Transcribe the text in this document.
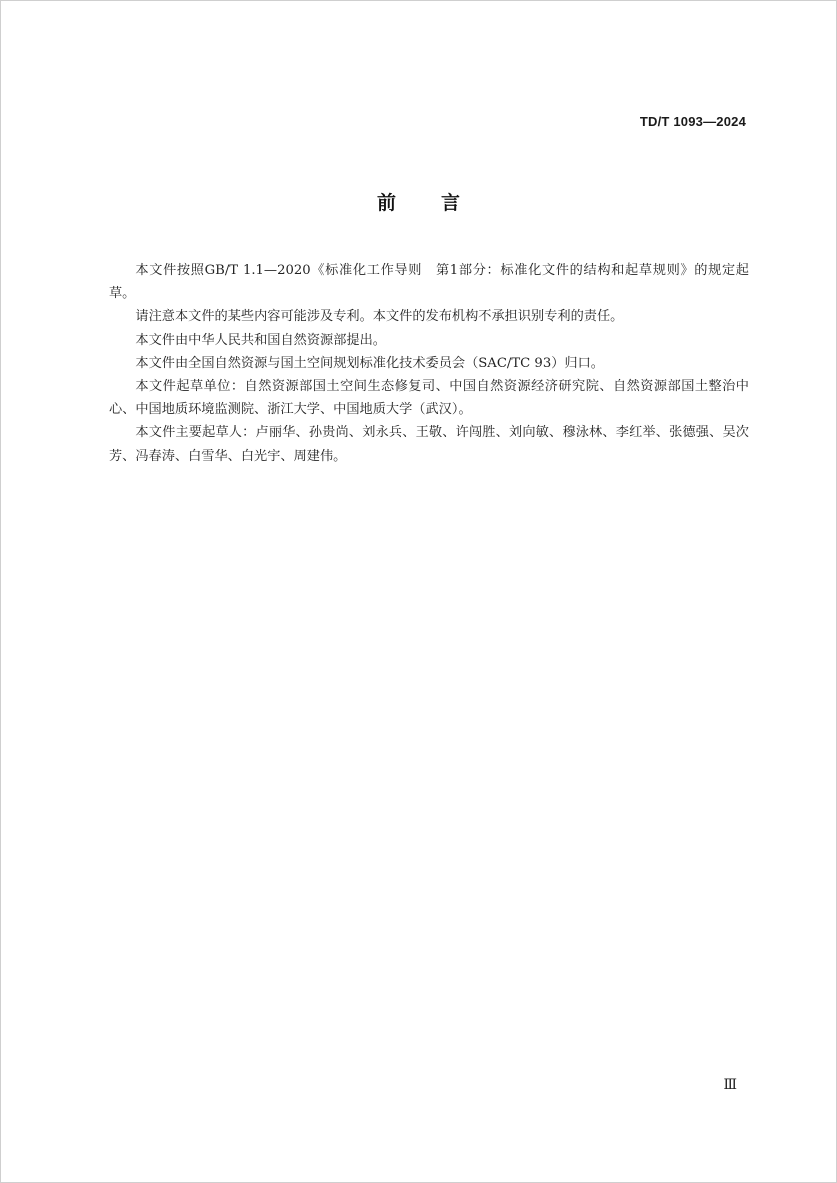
TD/T 1093—2024
前言

本文件按照GB/T 1.1—2020《标准化工作导则　第1部分：标准化文件的结构和起草规则》的规定起草。

请注意本文件的某些内容可能涉及专利。本文件的发布机构不承担识别专利的责任。

本文件由中华人民共和国自然资源部提出。

本文件由全国自然资源与国土空间规划标准化技术委员会（SAC/TC 93）归口。

本文件起草单位：自然资源部国土空间生态修复司、中国自然资源经济研究院、自然资源部国土整治中心、中国地质环境监测院、浙江大学、中国地质大学（武汉）。

本文件主要起草人：卢丽华、孙贵尚、刘永兵、王敬、许闯胜、刘向敏、穆泳林、李红举、张德强、吴次芳、冯春涛、白雪华、白光宇、周建伟。

Ⅲ
